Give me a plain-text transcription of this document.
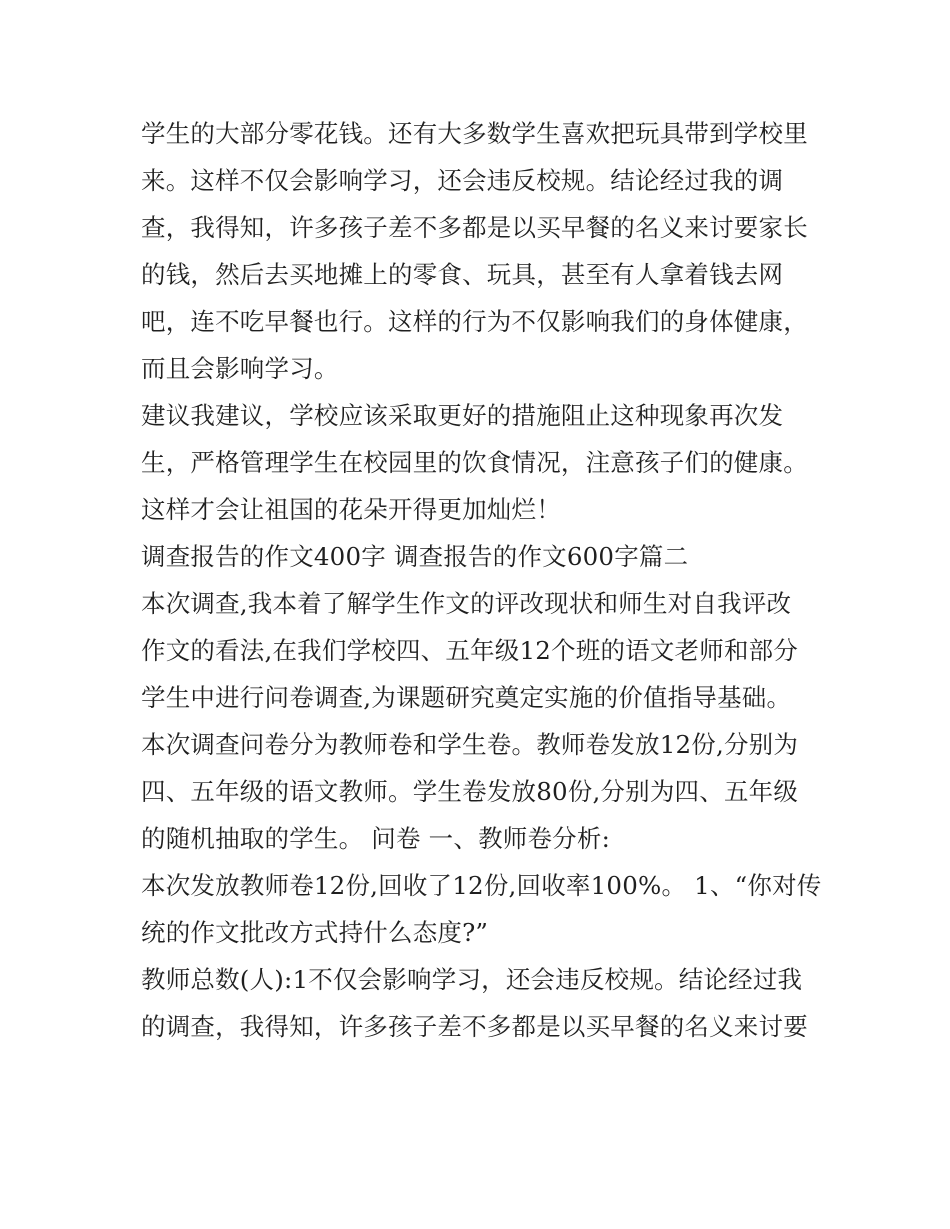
学生的大部分零花钱。还有大多数学生喜欢把玩具带到学校里
来。这样不仅会影响学习，还会违反校规。结论经过我的调
查，我得知，许多孩子差不多都是以买早餐的名义来讨要家长
的钱，然后去买地摊上的零食、玩具，甚至有人拿着钱去网
吧，连不吃早餐也行。这样的行为不仅影响我们的身体健康，
而且会影响学习。
建议我建议，学校应该采取更好的措施阻止这种现象再次发
生，严格管理学生在校园里的饮食情况，注意孩子们的健康。
这样才会让祖国的花朵开得更加灿烂！
调查报告的作文400字 调查报告的作文600字篇二
本次调查,我本着了解学生作文的评改现状和师生对自我评改
作文的看法,在我们学校四、五年级12个班的语文老师和部分
学生中进行问卷调查,为课题研究奠定实施的价值指导基础。
本次调查问卷分为教师卷和学生卷。教师卷发放12份,分别为
四、五年级的语文教师。学生卷发放80份,分别为四、五年级
的随机抽取的学生。 问卷 一、教师卷分析:
本次发放教师卷12份,回收了12份,回收率100%。 1、“你对传
统的作文批改方式持什么态度?”
教师总数(人):1不仅会影响学习，还会违反校规。结论经过我
的调查，我得知，许多孩子差不多都是以买早餐的名义来讨要
